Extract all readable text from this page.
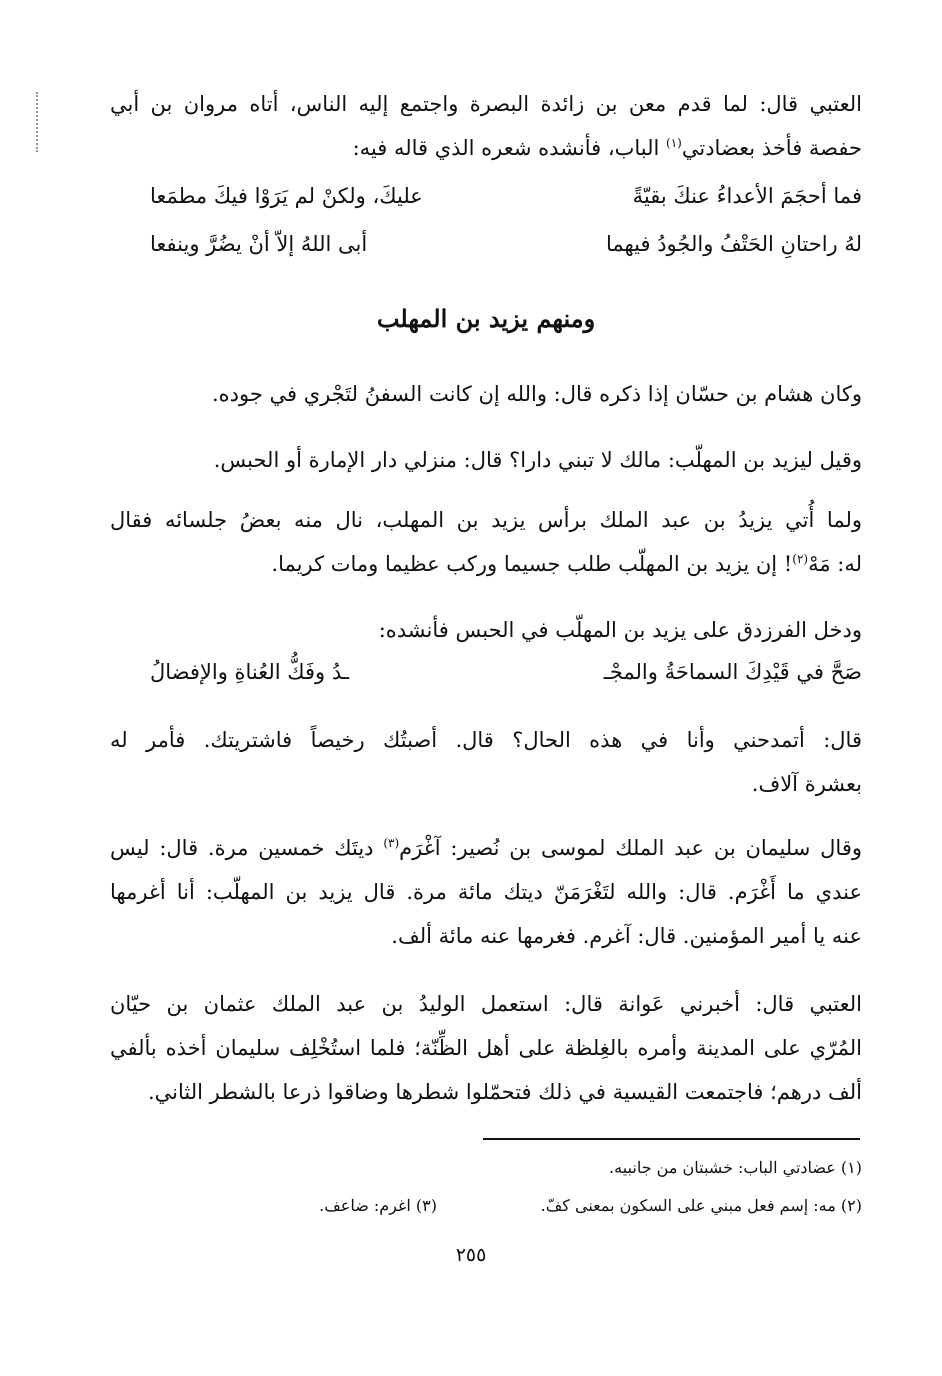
العتبي قال: لما قدم معن بن زائدة البصرة واجتمع إليه الناس، أتاه مروان بن أبي
حفصة فأخذ بعضادتي$^{(١)}$ الباب، فأنشده شعره الذي قاله فيه:
فما أحجَمَ الأعداءُ عنكَ بقيّةً
عليكَ، ولكنْ لم يَرَوْا فيكَ مطمَعا
لهُ راحتانِ الحَتْفُ والجُودُ فيهما
أبى اللهُ إلاّ أنْ يضُرَّ وينفعا
ومنهم يزيد بن المهلب
وكان هشام بن حسّان إذا ذكره قال: والله إن كانت السفنُ لتَجْري في جوده.
وقيل ليزيد بن المهلّب: مالك لا تبني دارا؟ قال: منزلي دار الإمارة أو الحبس.
ولما أُتي يزيدُ بن عبد الملك برأس يزيد بن المهلب، نال منه بعضُ جلسائه فقال
له: مَهْ$^{(٢)}$! إن يزيد بن المهلّب طلب جسيما وركب عظيما ومات كريما.
ودخل الفرزدق على يزيد بن المهلّب في الحبس فأنشده:
صَحَّ في قَيْدِكَ السماحَةُ والمجْـ
ـدُ وفَكُّ العُناةِ والإفضالُ
قال: أتمدحني وأنا في هذه الحال؟ قال. أصبتُك رخيصاً فاشتريتك. فأمر له
بعشرة آلاف.
وقال سليمان بن عبد الملك لموسى بن نُصير: آغْرَم$^{(٣)}$ ديتَك خمسين مرة. قال: ليس
عندي ما أَغْرَم. قال: والله لتَغْرَمَنّ ديتك مائة مرة. قال يزيد بن المهلّب: أنا أغرمها
عنه يا أمير المؤمنين. قال: آغرم. فغرمها عنه مائة ألف.
العتبي قال: أخبرني عَوانة قال: استعمل الوليدُ بن عبد الملك عثمان بن حيّان
المُرّي على المدينة وأمره بالغِلظة على أهل الظِّنّة؛ فلما استُخْلِف سليمان أخذه بألفي
ألف درهم؛ فاجتمعت القيسية في ذلك فتحمّلوا شطرها وضاقوا ذرعا بالشطر الثاني.
(١) عضادتي الباب: خشبتان من جانبيه.
(٢) مه: إسم فعل مبني على السكون بمعنى كفّ.
(٣) اغرم: ضاعف.
٢٥٥
